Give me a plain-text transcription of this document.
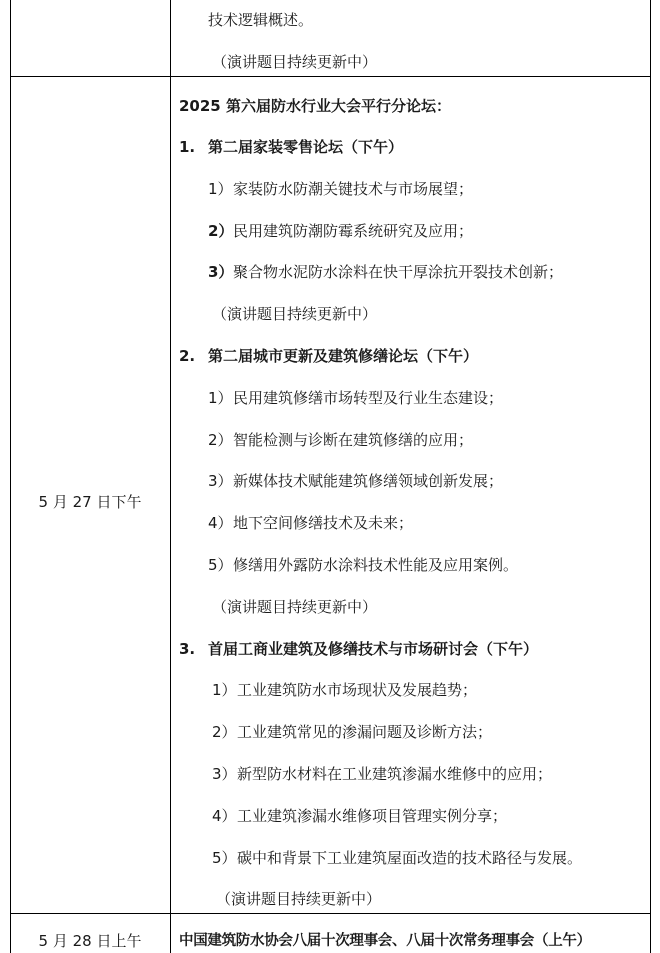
技术逻辑概述。
（演讲题目持续更新中）
5 月 27 日下午
2025 第六届防水行业大会平行分论坛：
1. 第二届家装零售论坛（下午）
1） 家装防水防潮关键技术与市场展望；
2） 民用建筑防潮防霉系统研究及应用；
3） 聚合物水泥防水涂料在快干厚涂抗开裂技术创新；
（演讲题目持续更新中）
2. 第二届城市更新及建筑修缮论坛（下午）
1） 民用建筑修缮市场转型及行业生态建设；
2） 智能检测与诊断在建筑修缮的应用；
3） 新媒体技术赋能建筑修缮领域创新发展；
4） 地下空间修缮技术及未来；
5） 修缮用外露防水涂料技术性能及应用案例。
（演讲题目持续更新中）
3. 首届工商业建筑及修缮技术与市场研讨会（下午）
1） 工业建筑防水市场现状及发展趋势；
2） 工业建筑常见的渗漏问题及诊断方法；
3） 新型防水材料在工业建筑渗漏水维修中的应用；
4） 工业建筑渗漏水维修项目管理实例分享；
5） 碳中和背景下工业建筑屋面改造的技术路径与发展。
（演讲题目持续更新中）
5 月 28 日上午	中国建筑防水协会八届十次理事会、八届十次常务理事会（上午）
